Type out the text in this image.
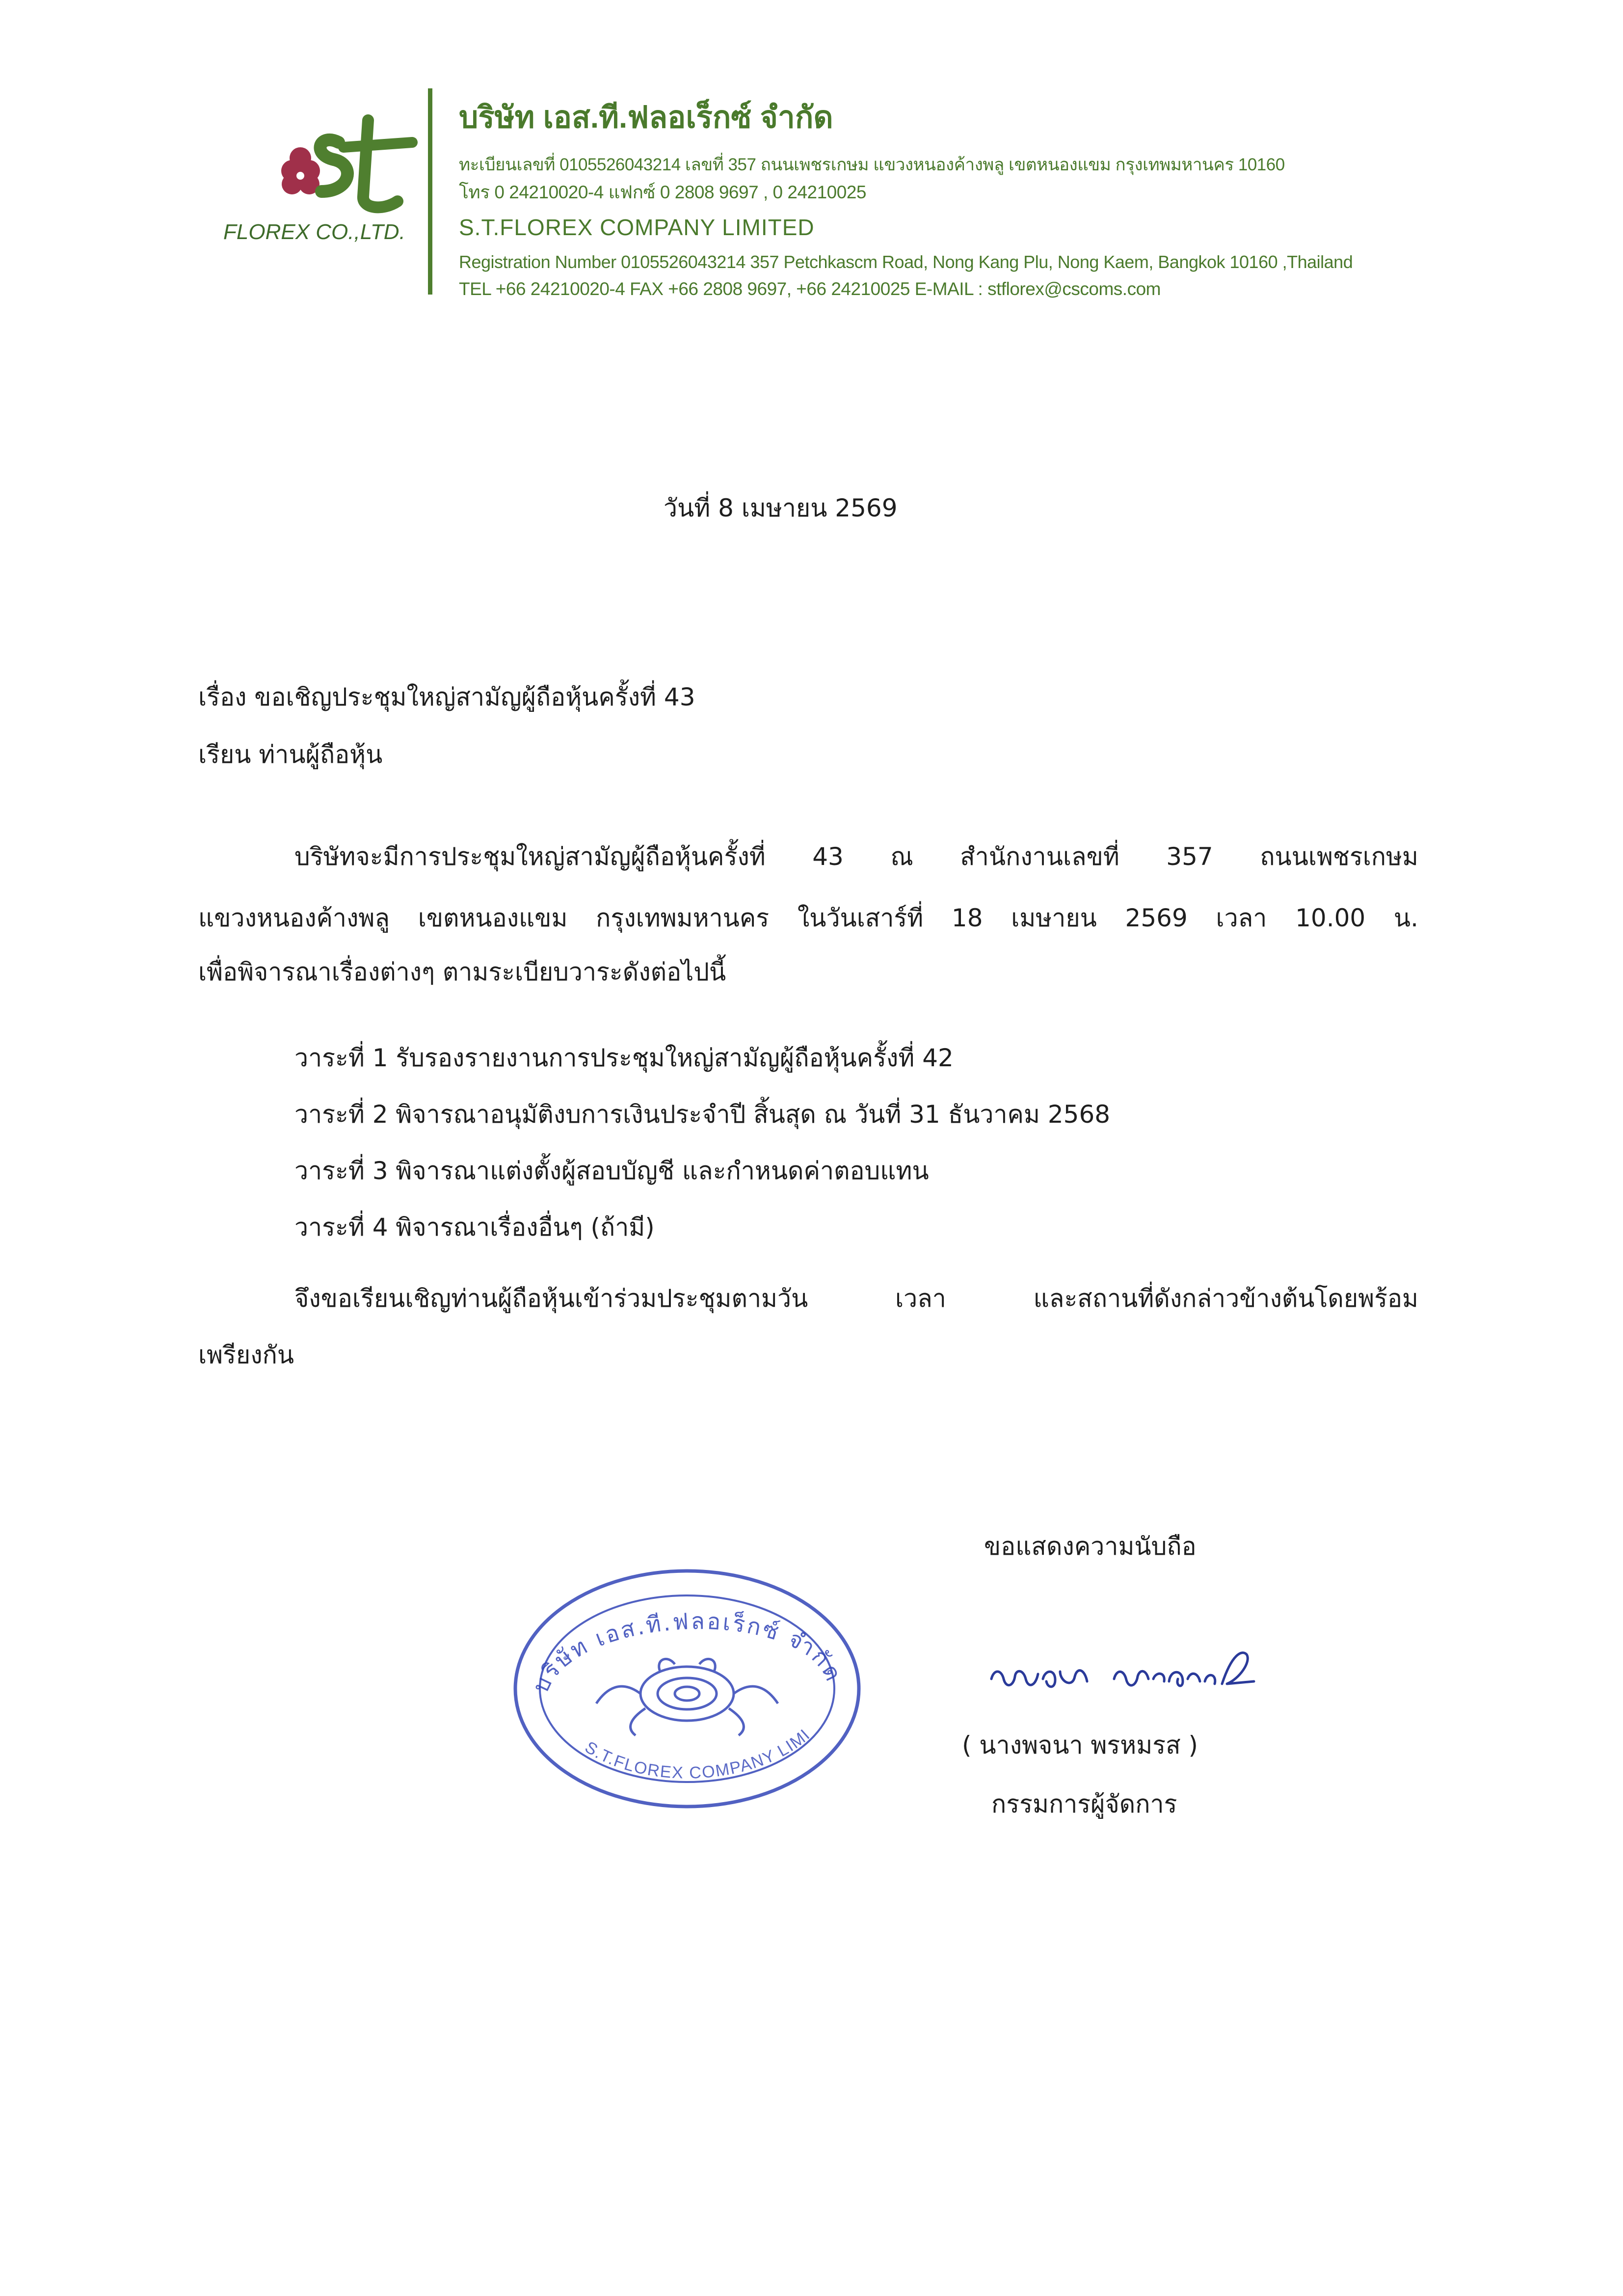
FLOREX CO.,LTD.
บริษัท เอส.ที.ฟลอเร็กซ์ จำกัด
ทะเบียนเลขที่ 0105526043214 เลขที่ 357 ถนนเพชรเกษม แขวงหนองค้างพลู เขตหนองแขม กรุงเทพมหานคร 10160
โทร 0 24210020-4 แฟกซ์ 0 2808 9697 , 0 24210025
S.T.FLOREX COMPANY LIMITED
Registration Number 0105526043214 357 Petchkascm Road, Nong Kang Plu, Nong Kaem, Bangkok 10160 ,Thailand
TEL +66 24210020-4 FAX +66 2808 9697, +66 24210025 E-MAIL : stflorex@cscoms.com
วันที่ 8 เมษายน 2569
เรื่อง ขอเชิญประชุมใหญ่สามัญผู้ถือหุ้นครั้งที่ 43
เรียน ท่านผู้ถือหุ้น
บริษัทจะมีการประชุมใหญ่สามัญผู้ถือหุ้นครั้งที่ 43 ณ สำนักงานเลขที่ 357 ถนนเพชรเกษม
แขวงหนองค้างพลู เขตหนองแขม กรุงเทพมหานคร ในวันเสาร์ที่ 18 เมษายน 2569 เวลา 10.00 น.
เพื่อพิจารณาเรื่องต่างๆ ตามระเบียบวาระดังต่อไปนี้
วาระที่ 1 รับรองรายงานการประชุมใหญ่สามัญผู้ถือหุ้นครั้งที่ 42
วาระที่ 2 พิจารณาอนุมัติงบการเงินประจำปี สิ้นสุด ณ วันที่ 31 ธันวาคม 2568
วาระที่ 3 พิจารณาแต่งตั้งผู้สอบบัญชี และกำหนดค่าตอบแทน
วาระที่ 4 พิจารณาเรื่องอื่นๆ (ถ้ามี)
จึงขอเรียนเชิญท่านผู้ถือหุ้นเข้าร่วมประชุมตามวัน เวลา และสถานที่ดังกล่าวข้างต้นโดยพร้อม
เพรียงกัน
ขอแสดงความนับถือ
บริษัท เอส.ที.ฟลอเร็กซ์ จำกัด
S.T.FLOREX COMPANY LIMI	( นางพจนา พรหมรส )
กรรมการผู้จัดการ
